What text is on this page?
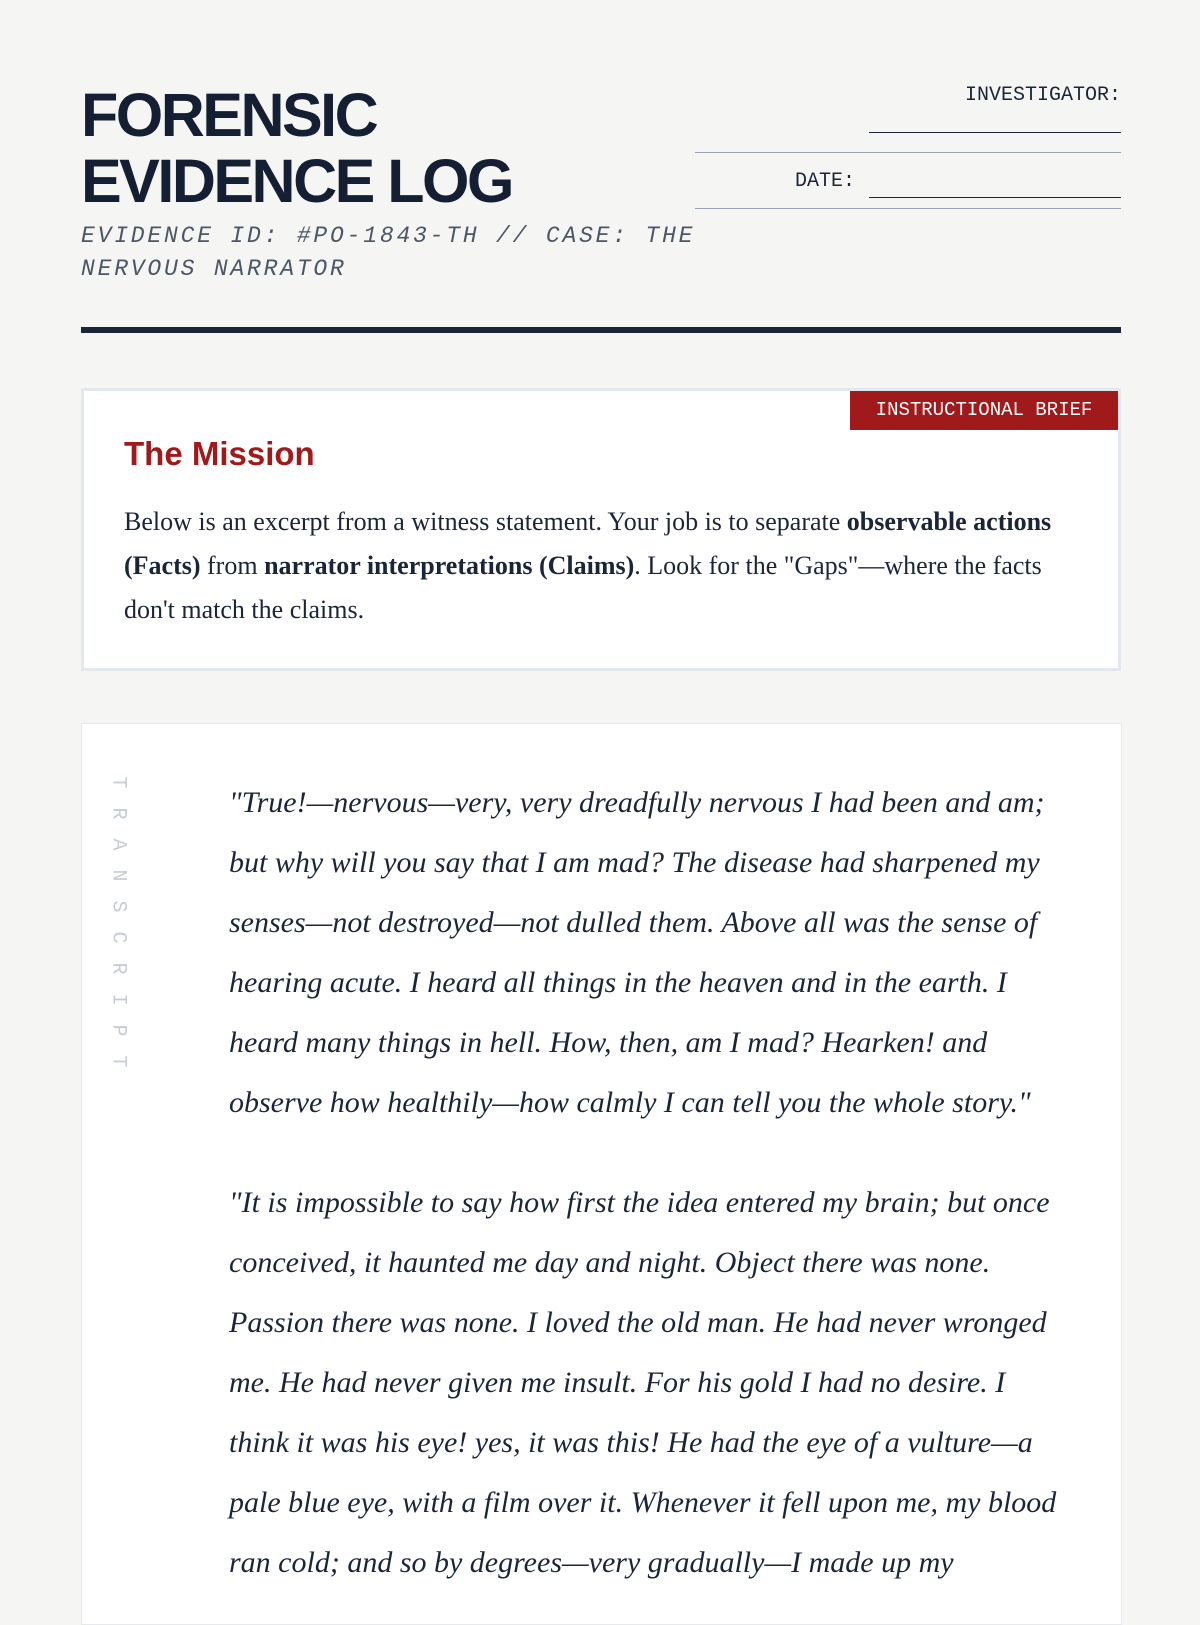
FORENSIC EVIDENCE LOG
EVIDENCE ID: #PO-1843-TH // CASE: THE NERVOUS NARRATOR
INVESTIGATOR:
DATE:
INSTRUCTIONAL BRIEF
The Mission

Below is an excerpt from a witness statement. Your job is to separate observable actions (Facts) from narrator interpretations (Claims). Look for the "Gaps"—where the facts don't match the claims.

T
R
A
N
S
C
R
I
P
T

"True!—nervous—very, very dreadfully nervous I had been and am; but why will you say that I am mad? The disease had sharpened my senses—not destroyed—not dulled them. Above all was the sense of hearing acute. I heard all things in the heaven and in the earth. I heard many things in hell. How, then, am I mad? Hearken! and observe how healthily—how calmly I can tell you the whole story."

"It is impossible to say how first the idea entered my brain; but once conceived, it haunted me day and night. Object there was none. Passion there was none. I loved the old man. He had never wronged me. He had never given me insult. For his gold I had no desire. I think it was his eye! yes, it was this! He had the eye of a vulture—a pale blue eye, with a film over it. Whenever it fell upon me, my blood ran cold; and so by degrees—very gradually—I made up my
